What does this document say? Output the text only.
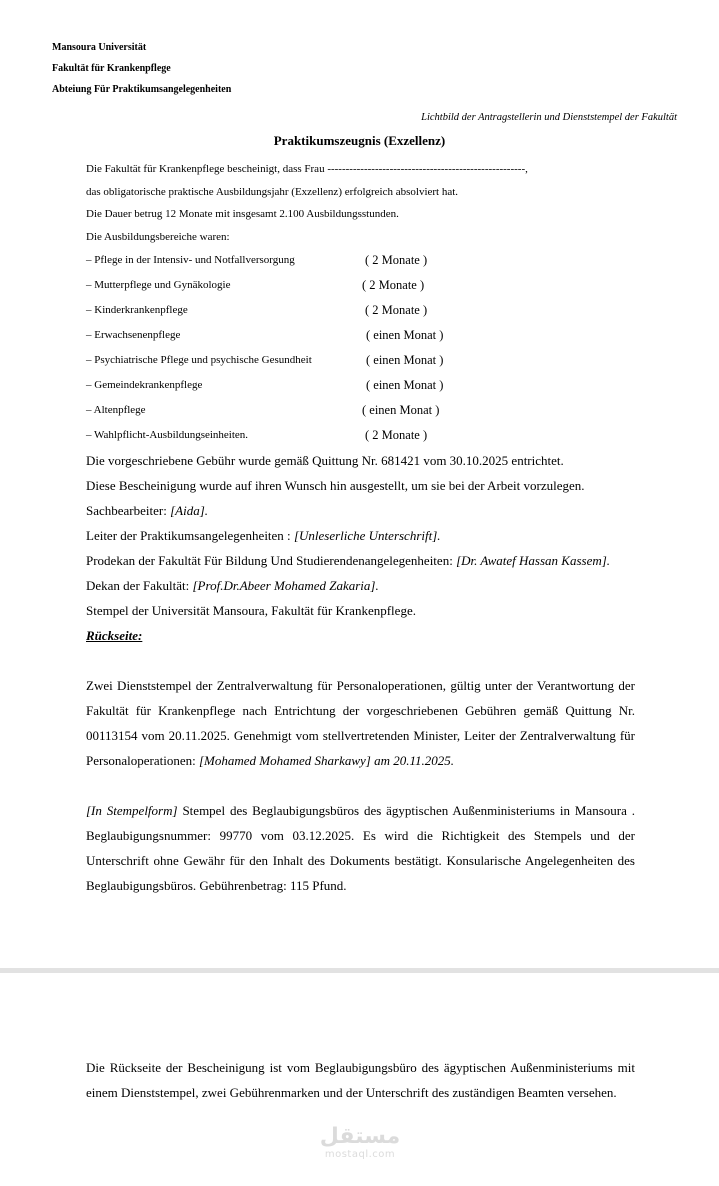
Mansoura Universität
Fakultät für Krankenpflege
Abteiung Für Praktikumsangelegenheiten
Lichtbild der Antragstellerin und Dienststempel der Fakultät
Praktikumszeugnis (Exzellenz)
Die Fakultät für Krankenpflege bescheinigt, dass Frau ------------------------------------------------------,
das obligatorische praktische Ausbildungsjahr (Exzellenz) erfolgreich absolviert hat.
Die Dauer betrug 12 Monate mit insgesamt 2.100 Ausbildungsstunden.
Die Ausbildungsbereiche waren:
– Pflege in der Intensiv- und Notfallversorgung	( 2 Monate )
– Mutterpflege und Gynäkologie	( 2 Monate )
– Kinderkrankenpflege	( 2 Monate )
– Erwachsenenpflege	( einen Monat )
– Psychiatrische Pflege und psychische Gesundheit	( einen Monat )
– Gemeindekrankenpflege	( einen Monat )
– Altenpflege	( einen Monat )
– Wahlpflicht-Ausbildungseinheiten.	( 2 Monate )

Die vorgeschriebene Gebühr wurde gemäß Quittung Nr. 681421 vom 30.10.2025 entrichtet.

Diese Bescheinigung wurde auf ihren Wunsch hin ausgestellt, um sie bei der Arbeit vorzulegen.

Sachbearbeiter: [Aida].

Leiter der Praktikumsangelegenheiten : [Unleserliche Unterschrift].

Prodekan der Fakultät Für Bildung Und Studierendenangelegenheiten: [Dr. Awatef Hassan Kassem].

Dekan der Fakultät: [Prof.Dr.Abeer Mohamed Zakaria].

Stempel der Universität Mansoura, Fakultät für Krankenpflege.

Rückseite:

Zwei Dienststempel der Zentralverwaltung für Personaloperationen, gültig unter der Verantwortung der Fakultät für Krankenpflege nach Entrichtung der vorgeschriebenen Gebühren gemäß Quittung Nr. 00113154 vom 20.11.2025. Genehmigt vom stellvertretenden Minister, Leiter der Zentralverwaltung für Personaloperationen: [Mohamed Mohamed Sharkawy] am 20.11.2025.

[In Stempelform] Stempel des Beglaubigungsbüros des ägyptischen Außenministeriums in Mansoura . Beglaubigungsnummer: 99770 vom 03.12.2025. Es wird die Richtigkeit des Stempels und der Unterschrift ohne Gewähr für den Inhalt des Dokuments bestätigt. Konsularische Angelegenheiten des Beglaubigungsbüros. Gebührenbetrag: 115 Pfund.

Die Rückseite der Bescheinigung ist vom Beglaubigungsbüro des ägyptischen Außenministeriums mit einem Dienststempel, zwei Gebührenmarken und der Unterschrift des zuständigen Beamten versehen.

مستقل
mostaql.com
